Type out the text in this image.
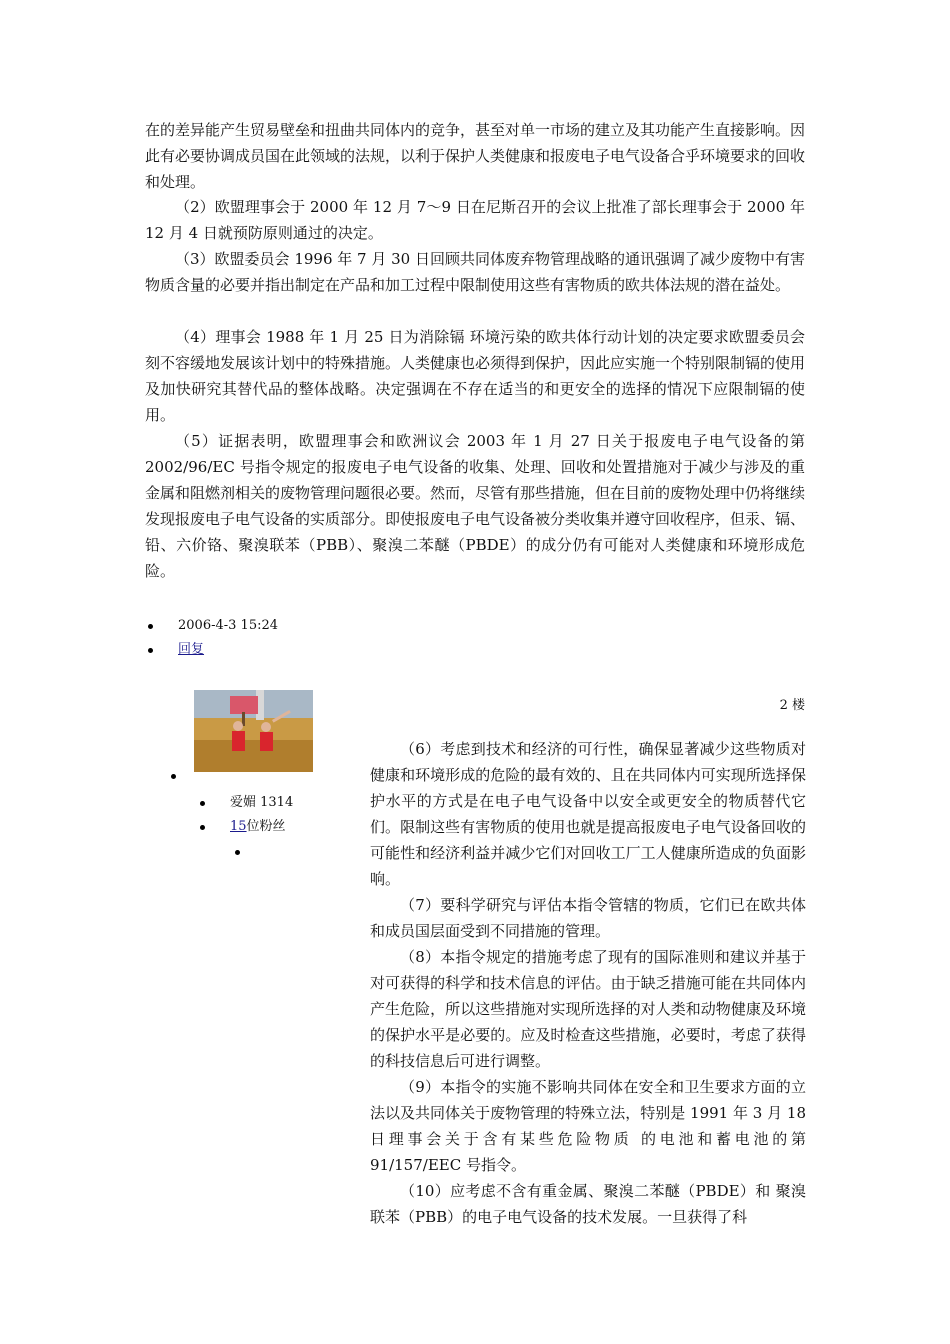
在的差异能产生贸易壁垒和扭曲共同体内的竞争，甚至对单一市场的建立及其功能产生直接影响。因此有必要协调成员国在此领域的法规，以利于保护人类健康和报废电子电气设备合乎环境要求的回收和处理。

（2）欧盟理事会于 2000 年 12 月 7～9 日在尼斯召开的会议上批准了部长理事会于 2000 年 12 月 4 日就预防原则通过的决定。

（3）欧盟委员会 1996 年 7 月 30 日回顾共同体废弃物管理战略的通讯强调了减少废物中有害物质含量的必要并指出制定在产品和加工过程中限制使用这些有害物质的欧共体法规的潜在益处。

（4）理事会 1988 年 1 月 25 日为消除镉 环境污染的欧共体行动计划的决定要求欧盟委员会刻不容缓地发展该计划中的特殊措施。人类健康也必须得到保护，因此应实施一个特别限制镉的使用及加快研究其替代品的整体战略。决定强调在不存在适当的和更安全的选择的情况下应限制镉的使用。

（5）证据表明，欧盟理事会和欧洲议会 2003 年 1 月 27 日关于报废电子电气设备的第 2002/96/EC 号指令规定的报废电子电气设备的收集、处理、回收和处置措施对于减少与涉及的重金属和阻燃剂相关的废物管理问题很必要。然而，尽管有那些措施，但在目前的废物处理中仍将继续发现报废电子电气设备的实质部分。即使报废电子电气设备被分类收集并遵守回收程序，但汞、镉、铅、六价铬、聚溴联苯（PBB）、聚溴二苯醚（PBDE）的成分仍有可能对人类健康和环境形成危险。

2006-4-3 15:24
回复
2 楼
爱媚 1314
15位粉丝

（6）考虑到技术和经济的可行性，确保显著减少这些物质对健康和环境形成的危险的最有效的、且在共同体内可实现所选择保护水平的方式是在电子电气设备中以安全或更安全的物质替代它们。限制这些有害物质的使用也就是提高报废电子电气设备回收的可能性和经济利益并减少它们对回收工厂工人健康所造成的负面影响。

（7）要科学研究与评估本指令管辖的物质，它们已在欧共体和成员国层面受到不同措施的管理。

（8）本指令规定的措施考虑了现有的国际准则和建议并基于对可获得的科学和技术信息的评估。由于缺乏措施可能在共同体内产生危险，所以这些措施对实现所选择的对人类和动物健康及环境的保护水平是必要的。应及时检查这些措施，必要时，考虑了获得的科技信息后可进行调整。

（9）本指令的实施不影响共同体在安全和卫生要求方面的立法以及共同体关于废物管理的特殊立法，特别是 1991 年 3 月 18 日理事会关于含有某些危险物质 的电池和蓄电池的第 91/157/EEC 号指令。

（10）应考虑不含有重金属、聚溴二苯醚（PBDE）和 聚溴联苯（PBB）的电子电气设备的技术发展。一旦获得了科
